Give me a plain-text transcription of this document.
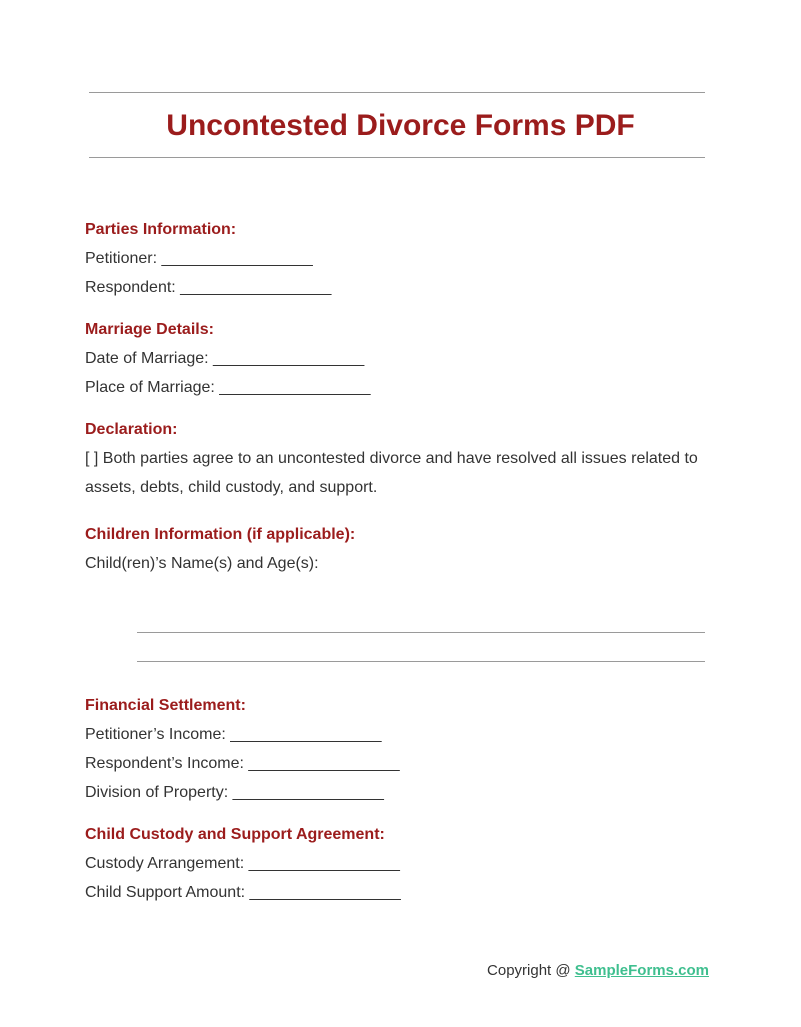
Uncontested Divorce Forms PDF
Parties Information:
Petitioner: _________________
Respondent: _________________
Marriage Details:
Date of Marriage: _________________
Place of Marriage: _________________
Declaration:
[ ] Both parties agree to an uncontested divorce and have resolved all issues related to assets, debts, child custody, and support.
Children Information (if applicable):
Child(ren)’s Name(s) and Age(s):
Financial Settlement:
Petitioner’s Income: _________________
Respondent’s Income: _________________
Division of Property: _________________
Child Custody and Support Agreement:
Custody Arrangement: _________________
Child Support Amount: _________________
Copyright @ SampleForms.com
